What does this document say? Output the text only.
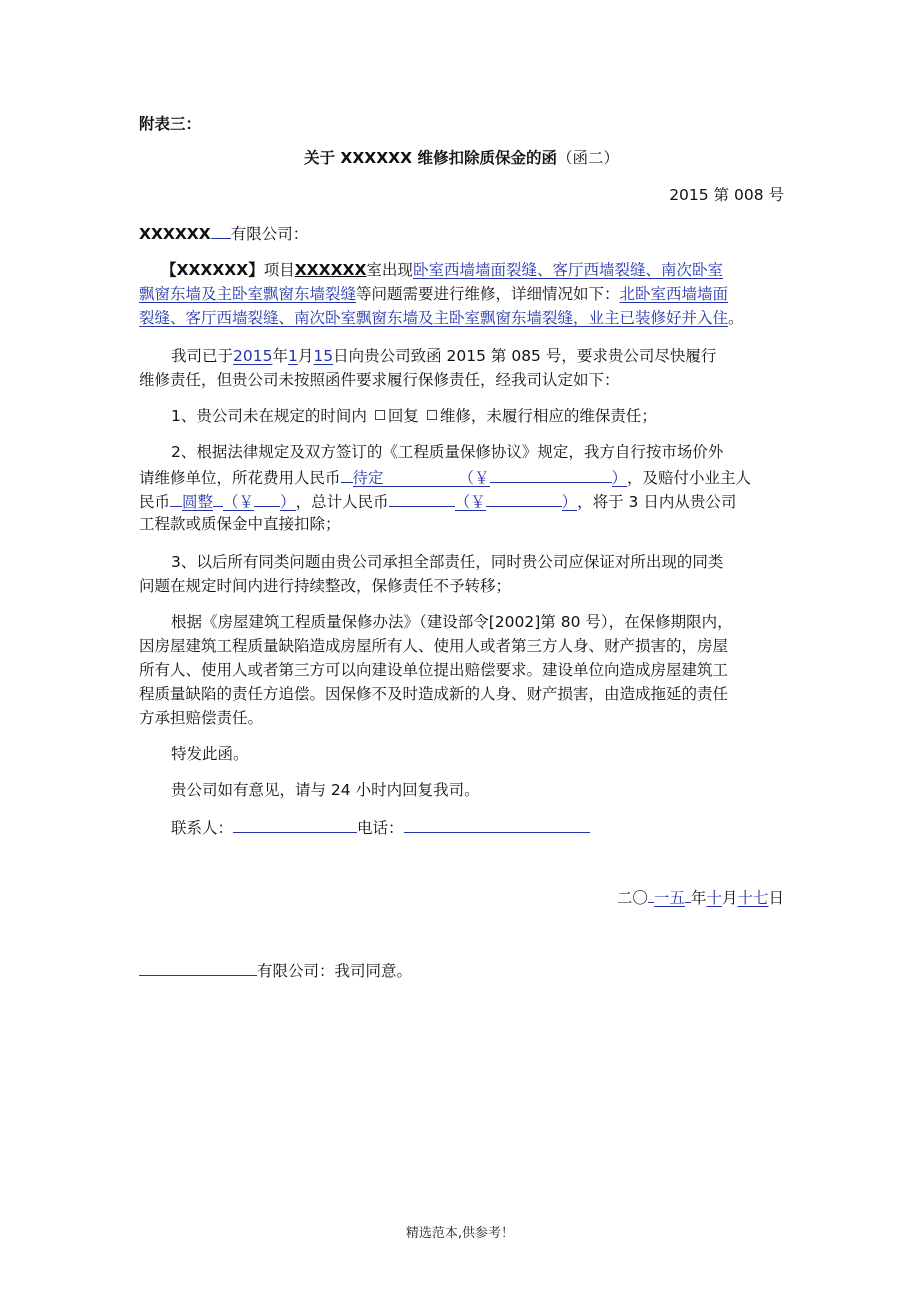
附表三：
关于 XXXXXX 维修扣除质保金的函（函二）
2015 第 008 号
XXXXXX 有限公司：
【XXXXXX】项目XXXXXX室出现卧室西墙墙面裂缝、客厅西墙裂缝、南次卧室
飘窗东墙及主卧室飘窗东墙裂缝等问题需要进行维修，详细情况如下：北卧室西墙墙面
裂缝、客厅西墙裂缝、南次卧室飘窗东墙及主卧室飘窗东墙裂缝，业主已装修好并入住。
我司已于2015年1月15日向贵公司致函 2015 第 085 号，要求贵公司尽快履行
维修责任，但贵公司未按照函件要求履行保修责任，经我司认定如下：
1、贵公司未在规定的时间内 回复 维修，未履行相应的维保责任；
2、根据法律规定及双方签订的《工程质量保修协议》规定，我方自行按市场价外
请维修单位，所花费用人民币 待定	（￥	），及赔付小业主人
民币 圆整 （￥ ），总计人民币	（￥	），将于 3 日内从贵公司
工程款或质保金中直接扣除；
3、以后所有同类问题由贵公司承担全部责任，同时贵公司应保证对所出现的同类
问题在规定时间内进行持续整改，保修责任不予转移；
根据《房屋建筑工程质量保修办法》（建设部令[2002]第 80 号），在保修期限内，
因房屋建筑工程质量缺陷造成房屋所有人、使用人或者第三方人身、财产损害的，房屋
所有人、使用人或者第三方可以向建设单位提出赔偿要求。建设单位向造成房屋建筑工
程质量缺陷的责任方追偿。因保修不及时造成新的人身、财产损害，由造成拖延的责任
方承担赔偿责任。
特发此函。
贵公司如有意见，请与 24 小时内回复我司。
联系人：	电话：
二〇 一五 年十月十七日
有限公司：我司同意。
精选范本,供参考！
